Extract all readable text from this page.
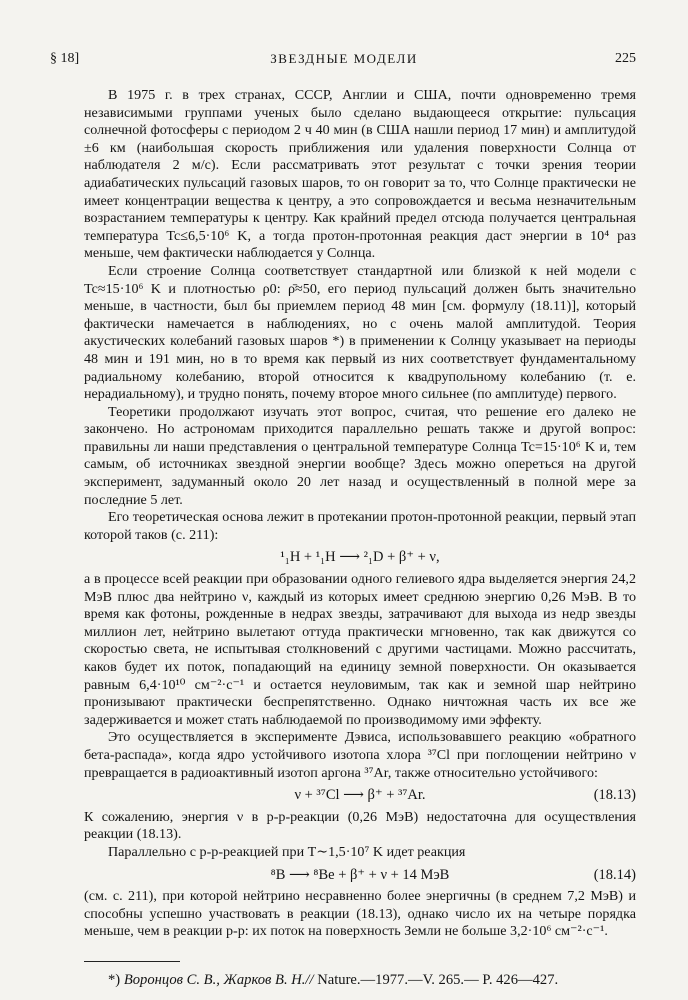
§ 18]	ЗВЕЗДНЫЕ МОДЕЛИ	225

В 1975 г. в трех странах, СССР, Англии и США, почти одновременно тремя независимыми группами ученых было сделано выдающееся открытие: пульсация солнечной фотосферы с периодом 2 ч 40 мин (в США нашли период 17 мин) и амплитудой ±6 км (наибольшая скорость приближения или удаления поверхности Солнца от наблюдателя 2 м/с). Если рассматривать этот результат с точки зрения теории адиабатических пульсаций газовых шаров, то он говорит за то, что Солнце практически не имеет концентрации вещества к центру, а это сопровождается и весьма незначительным возрастанием температуры к центру. Как крайний предел отсюда получается центральная температура Tc≤6,5·10⁶ K, а тогда протон-протонная реакция даст энергии в 10⁴ раз меньше, чем фактически наблюдается у Солнца.

Если строение Солнца соответствует стандартной или близкой к ней модели с Tc≈15·10⁶ K и плотностью ρ0: ρ̄≈50, его период пульсаций должен быть значительно меньше, в частности, был бы приемлем период 48 мин [см. формулу (18.11)], который фактически намечается в наблюдениях, но с очень малой амплитудой. Теория акустических колебаний газовых шаров *) в применении к Солнцу указывает на периоды 48 мин и 191 мин, но в то время как первый из них соответствует фундаментальному радиальному колебанию, второй относится к квадрупольному колебанию (т. е. нерадиальному), и трудно понять, почему второе много сильнее (по амплитуде) первого.

Теоретики продолжают изучать этот вопрос, считая, что решение его далеко не закончено. Но астрономам приходится параллельно решать также и другой вопрос: правильны ли наши представления о центральной температуре Солнца Tc=15·10⁶ K и, тем самым, об источниках звездной энергии вообще? Здесь можно опереться на другой эксперимент, задуманный около 20 лет назад и осуществленный в полной мере за последние 5 лет.

Его теоретическая основа лежит в протекании протон-протонной реакции, первый этап которой таков (с. 211):

¹₁H + ¹₁H ⟶ ²₁D + β⁺ + ν,

а в процессе всей реакции при образовании одного гелиевого ядра выделяется энергия 24,2 МэВ плюс два нейтрино ν, каждый из которых имеет среднюю энергию 0,26 МэВ. В то время как фотоны, рожденные в недрах звезды, затрачивают для выхода из недр звезды миллион лет, нейтрино вылетают оттуда практически мгновенно, так как движутся со скоростью света, не испытывая столкновений с другими частицами. Можно рассчитать, каков будет их поток, попадающий на единицу земной поверхности. Он оказывается равным 6,4·10¹⁰ см⁻²·с⁻¹ и остается неуловимым, так как и земной шар нейтрино пронизывают практически беспрепятственно. Однако ничтожная часть их все же задерживается и может стать наблюдаемой по производимому ими эффекту.

Это осуществляется в эксперименте Дэвиса, использовавшего реакцию «обратного бета-распада», когда ядро устойчивого изотопа хлора ³⁷Cl при поглощении нейтрино ν превращается в радиоактивный изотоп аргона ³⁷Ar, также относительно устойчивого:

ν + ³⁷Cl ⟶ β⁺ + ³⁷Ar.	(18.13)

К сожалению, энергия ν в p-p-реакции (0,26 МэВ) недостаточна для осуществления реакции (18.13).

Параллельно с p-p-реакцией при T∼1,5·10⁷ K идет реакция

⁸B ⟶ ⁸Be + β⁺ + ν + 14 МэВ	(18.14)

(см. с. 211), при которой нейтрино несравненно более энергичны (в среднем 7,2 МэВ) и способны успешно участвовать в реакции (18.13), однако число их на четыре порядка меньше, чем в реакции p-p: их поток на поверхность Земли не больше 3,2·10⁶ см⁻²·с⁻¹.

*) Воронцов С. В., Жарков В. Н.// Nature.—1977.—V. 265.— P. 426—427.
